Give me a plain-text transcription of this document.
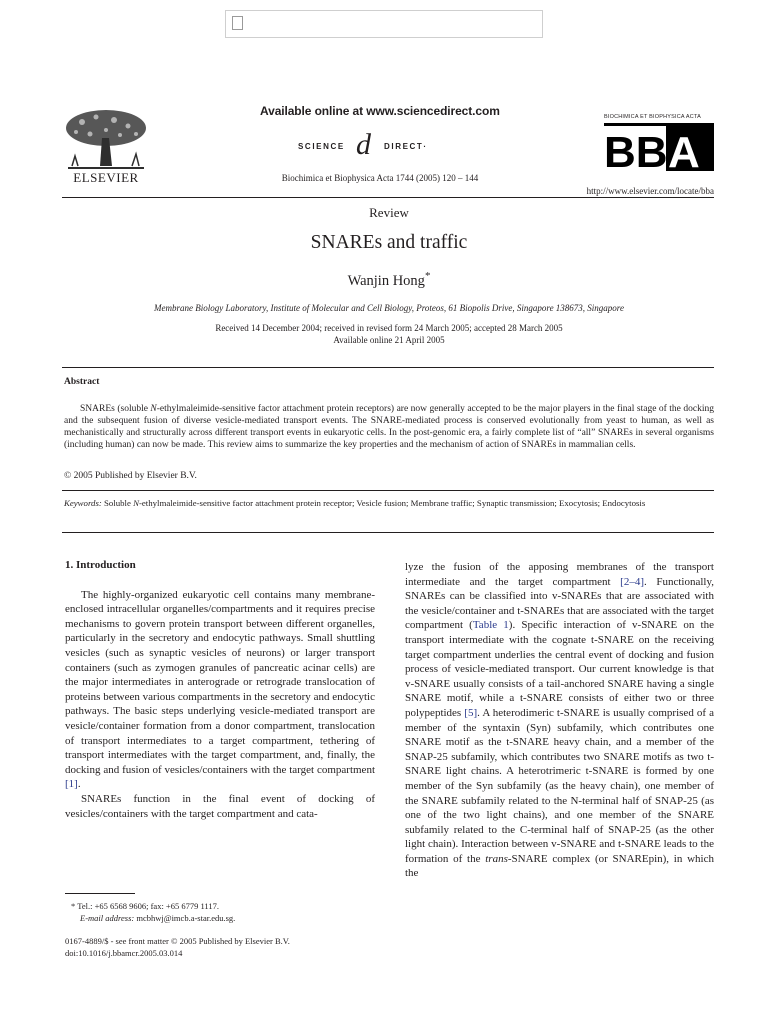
ELSEVIER
Available online at www.sciencedirect.com
SCIENCE d DIRECT·
Biochimica et Biophysica Acta 1744 (2005) 120 – 144
BIOCHIMICA ET BIOPHYSICA ACTA
BB A
http://www.elsevier.com/locate/bba
Review
SNAREs and traffic
Wanjin Hong*
Membrane Biology Laboratory, Institute of Molecular and Cell Biology, Proteos, 61 Biopolis Drive, Singapore 138673, Singapore
Received 14 December 2004; received in revised form 24 March 2005; accepted 28 March 2005
Available online 21 April 2005
Abstract
SNAREs (soluble N-ethylmaleimide-sensitive factor attachment protein receptors) are now generally accepted to be the major players in the final stage of the docking and the subsequent fusion of diverse vesicle-mediated transport events. The SNARE-mediated process is conserved evolutionally from yeast to human, as well as mechanistically and structurally across different transport events in eukaryotic cells. In the post-genomic era, a fairly complete list of “all” SNAREs in several organisms (including human) can now be made. This review aims to summarize the key properties and the mechanism of action of SNAREs in mammalian cells.
© 2005 Published by Elsevier B.V.
Keywords: Soluble N-ethylmaleimide-sensitive factor attachment protein receptor; Vesicle fusion; Membrane traffic; Synaptic transmission; Exocytosis; Endocytosis
1. Introduction

The highly-organized eukaryotic cell contains many membrane-enclosed intracellular organelles/compartments and it requires precise mechanisms to govern protein transport between different organelles, particularly in the secretory and endocytic pathways. Small shuttling vesicles (such as synaptic vesicles of neurons) or larger transport containers (such as zymogen granules of pancreatic acinar cells) are the major intermediates in anterograde or retrograde translocation of proteins between various compartments in the secretory and endocytic pathways. The basic steps underlying vesicle-mediated transport are vesicle/container formation from a donor compartment, translocation of transport intermediates to a target compartment, tethering of transport intermediates with the target compartment, and, finally, the docking and fusion of vesicles/containers with the target compartment [1].

SNAREs function in the final event of docking of vesicles/containers with the target compartment and cata-

lyze the fusion of the apposing membranes of the transport intermediate and the target compartment [2–4]. Functionally, SNAREs can be classified into v-SNAREs that are associated with the vesicle/container and t-SNAREs that are associated with the target compartment (Table 1). Specific interaction of v-SNARE on the transport intermediate with the cognate t-SNARE on the receiving target compartment underlies the central event of docking and fusion process of vesicle-mediated transport. Our current knowledge is that v-SNARE usually consists of a tail-anchored SNARE having a single SNARE motif, while a t-SNARE consists of either two or three polypeptides [5]. A heterodimeric t-SNARE is usually comprised of a member of the syntaxin (Syn) subfamily, which contributes one SNARE motif as the t-SNARE heavy chain, and a member of the SNAP-25 subfamily, which contributes two SNARE motifs as two t-SNARE light chains. A heterotrimeric t-SNARE is formed by one member of the Syn subfamily (as the heavy chain), one member of the SNARE subfamily related to the N-terminal half of SNAP-25 (as one of the two light chains), and one member of the SNARE subfamily related to the C-terminal half of SNAP-25 (as the other light chain). Interaction between v-SNARE and t-SNARE leads to the formation of the trans-SNARE complex (or SNAREpin), in which the

* Tel.: +65 6568 9606; fax: +65 6779 1117.
E-mail address: mcbhwj@imcb.a-star.edu.sg.
0167-4889/$ - see front matter © 2005 Published by Elsevier B.V.
doi:10.1016/j.bbamcr.2005.03.014
